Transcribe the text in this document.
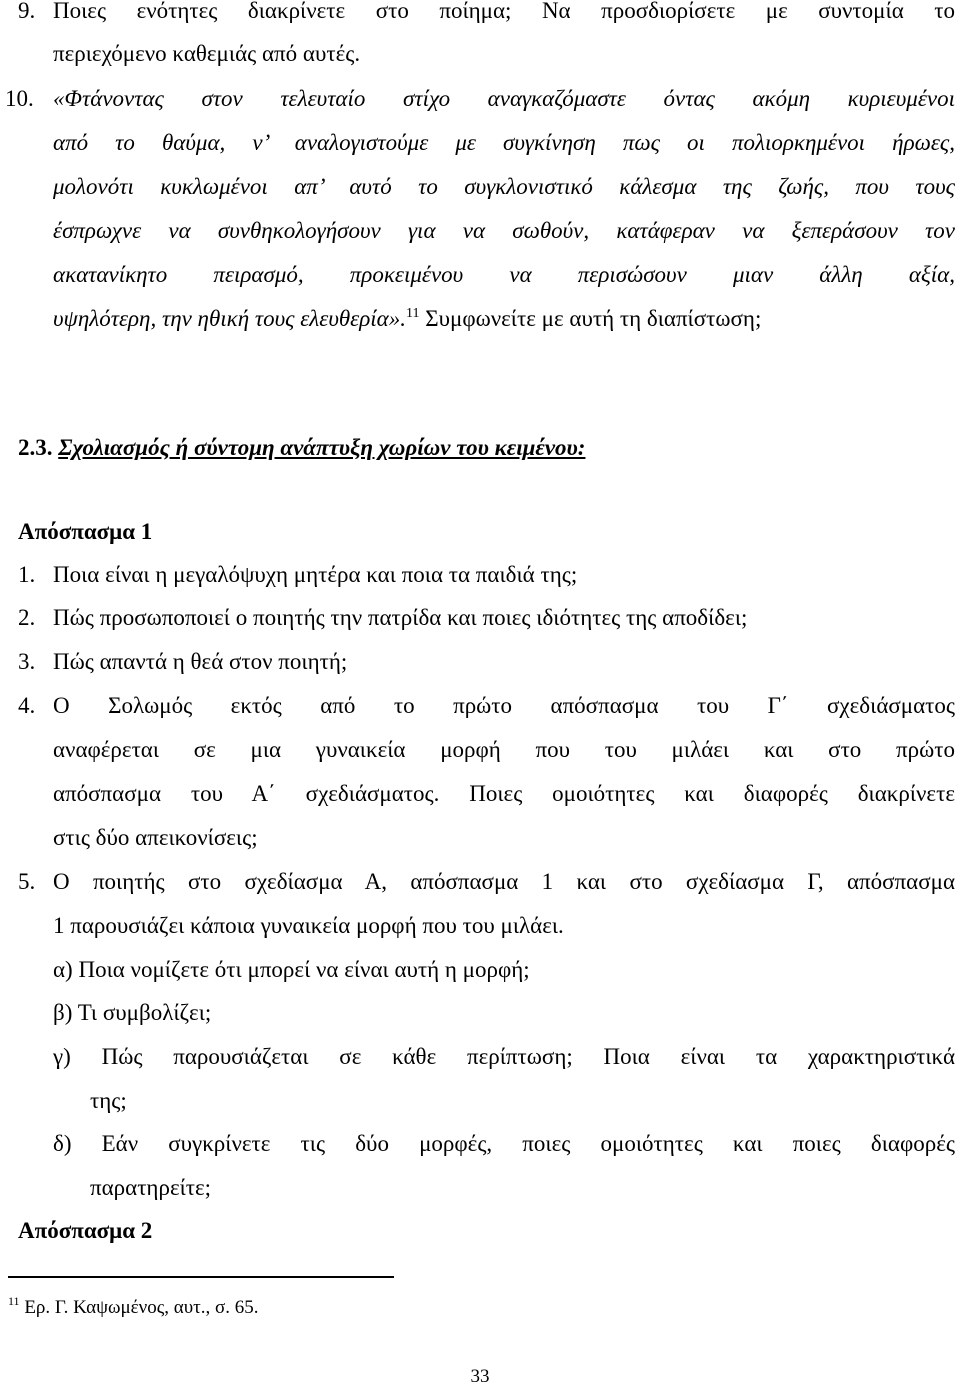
9. Ποιες ενότητες διακρίνετε στο ποίημα; Να προσδιορίσετε με συντομία το
περιεχόμενο καθεμιάς από αυτές.
10. «Φτάνοντας στον τελευταίο στίχο αναγκαζόμαστε όντας ακόμη κυριευμένοι
από το θαύμα, ν’ αναλογιστούμε με συγκίνηση πως οι πολιορκημένοι ήρωες,
μολονότι κυκλωμένοι απ’ αυτό το συγκλονιστικό κάλεσμα της ζωής, που τους
έσπρωχνε να συνθηκολογήσουν για να σωθούν, κατάφεραν να ξεπεράσουν τον
ακατανίκητο πειρασμό, προκειμένου να περισώσουν μιαν άλλη αξία,
υψηλότερη, την ηθική τους ελευθερία».$^{11}$ Συμφωνείτε με αυτή τη διαπίστωση;
2.3. Σχολιασμός ή σύντομη ανάπτυξη χωρίων του κειμένου:
Απόσπασμα 1
1. Ποια είναι η μεγαλόψυχη μητέρα και ποια τα παιδιά της;
2. Πώς προσωποποιεί ο ποιητής την πατρίδα και ποιες ιδιότητες της αποδίδει;
3. Πώς απαντά η θεά στον ποιητή;
4. Ο Σολωμός εκτός από το πρώτο απόσπασμα του Γ΄ σχεδιάσματος
αναφέρεται σε μια γυναικεία μορφή που του μιλάει και στο πρώτο
απόσπασμα του Α΄ σχεδιάσματος. Ποιες ομοιότητες και διαφορές διακρίνετε
στις δύο απεικονίσεις;
5. Ο ποιητής στο σχεδίασμα Α, απόσπασμα 1 και στο σχεδίασμα Γ, απόσπασμα
1 παρουσιάζει κάποια γυναικεία μορφή που του μιλάει.
α) Ποια νομίζετε ότι μπορεί να είναι αυτή η μορφή;
β) Τι συμβολίζει;
γ) Πώς παρουσιάζεται σε κάθε περίπτωση; Ποια είναι τα χαρακτηριστικά
της;
δ) Εάν συγκρίνετε τις δύο μορφές, ποιες ομοιότητες και ποιες διαφορές
παρατηρείτε;
Απόσπασμα 2
$^{11}$ Ερ. Γ. Καψωμένος, αυτ., σ. 65.
33
